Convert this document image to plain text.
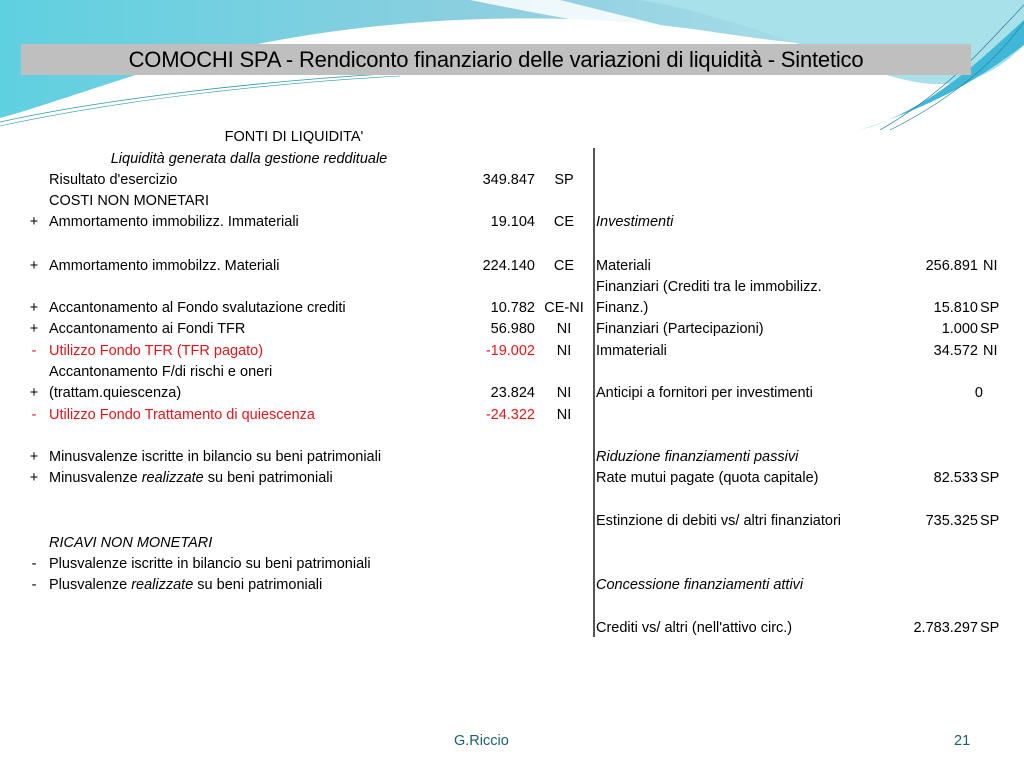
COMOCHI SPA - Rendiconto finanziario delle variazioni di liquidità - Sintetico
FONTI DI LIQUIDITA'
Liquidità generata dalla gestione reddituale
Risultato d'esercizio	349.847	SP
COSTI NON MONETARI
+ Ammortamento immobilizz. Immateriali	19.104	CE
+ Ammortamento immobilzz. Materiali	224.140	CE
+ Accantonamento al Fondo svalutazione crediti	10.782 CE-NI
+ Accantonamento ai Fondi TFR	56.980	NI
- Utilizzo Fondo TFR (TFR pagato)	-19.002	NI
Accantonamento F/di rischi e oneri
+ (trattam.quiescenza)	23.824	NI
- Utilizzo Fondo Trattamento di quiescenza	-24.322	NI
+ Minusvalenze iscritte in bilancio su beni patrimoniali
+ Minusvalenze realizzate su beni patrimoniali
RICAVI NON MONETARI
- Plusvalenze iscritte in bilancio su beni patrimoniali
- Plusvalenze realizzate su beni patrimoniali
Investimenti
Materiali	256.891 NI
Finanziari (Crediti tra le immobilizz.
Finanz.)	15.810 SP
Finanziari (Partecipazioni)	1.000 SP
Immateriali	34.572 NI
Anticipi a fornitori per investimenti	0
Riduzione finanziamenti passivi
Rate mutui pagate (quota capitale)	82.533 SP
Estinzione di debiti vs/ altri finanziatori	735.325 SP
Concessione finanziamenti attivi
Crediti vs/ altri (nell'attivo circ.)	2.783.297 SP
G.Riccio	21
